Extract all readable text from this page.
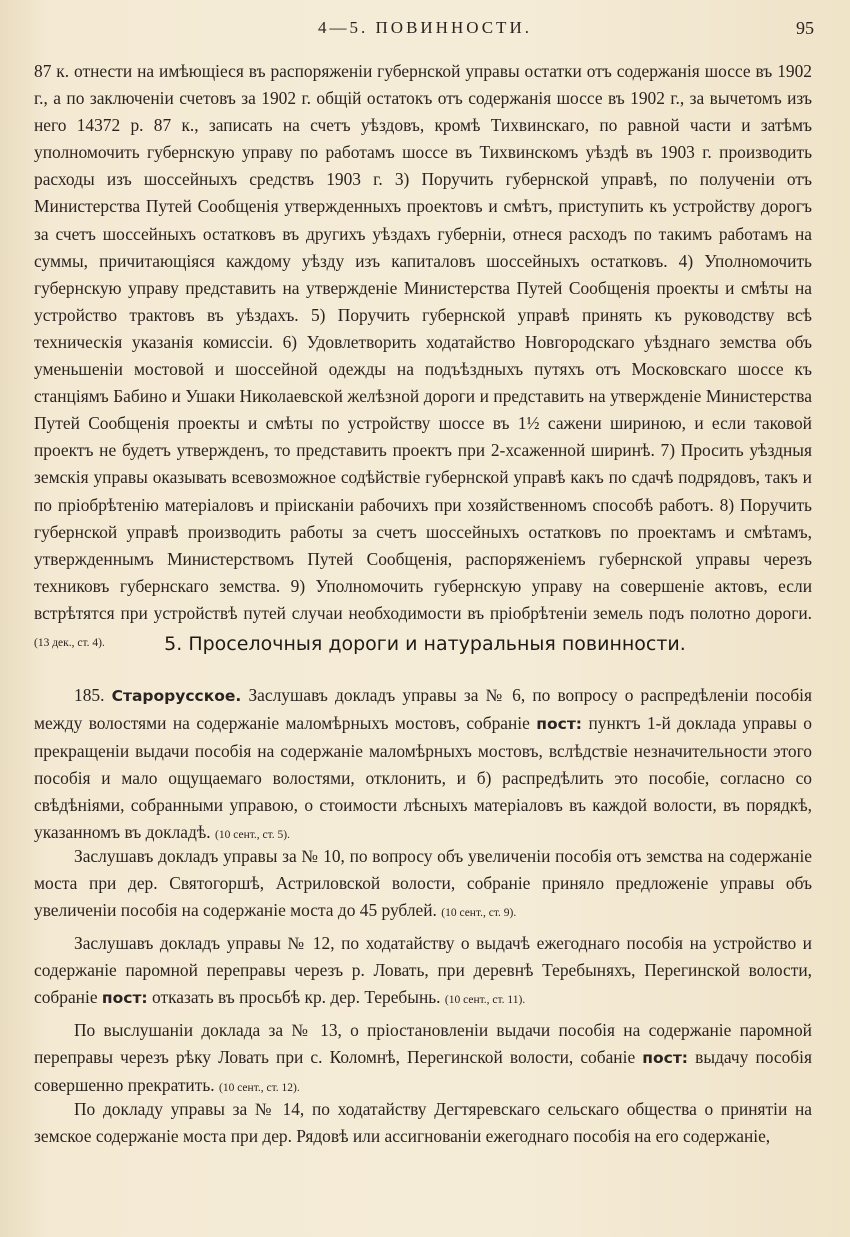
4—5. ПОВИННОСТИ.	95

87 к. отнести на имѣющіеся въ распоряженіи губернской управы остатки отъ содержанія шоссе въ 1902 г., а по заключеніи счетовъ за 1902 г. общій остатокъ отъ содержанія шоссе въ 1902 г., за вычетомъ изъ него 14372 р. 87 к., записать на счетъ уѣздовъ, кромѣ Тихвинскаго, по равной части и затѣмъ уполномочить губернскую управу по работамъ шоссе въ Тихвинскомъ уѣздѣ въ 1903 г. производить расходы изъ шоссейныхъ средствъ 1903 г. 3) Поручить губернской управѣ, по полученіи отъ Министерства Путей Сообщенія утвержденныхъ проектовъ и смѣтъ, приступить къ устройству дорогъ за счетъ шоссейныхъ остатковъ въ другихъ уѣздахъ губерніи, отнеся расходъ по такимъ работамъ на суммы, причитающіяся каждому уѣзду изъ капиталовъ шоссейныхъ остатковъ. 4) Уполномочить губернскую управу представить на утвержденіе Министерства Путей Сообщенія проекты и смѣты на устройство трактовъ въ уѣздахъ. 5) Поручить губернской управѣ принять къ руководству всѣ техническія указанія комиссіи. 6) Удовлетворить ходатайство Новгородскаго уѣзднаго земства объ уменьшеніи мостовой и шоссейной одежды на подъѣздныхъ путяхъ отъ Московскаго шоссе къ станціямъ Бабино и Ушаки Николаевской желѣзной дороги и представить на утвержденіе Министерства Путей Сообщенія проекты и смѣты по устройству шоссе въ 1½ сажени шириною, и если таковой проектъ не будетъ утвержденъ, то представить проектъ при 2-хсаженной ширинѣ. 7) Просить уѣздныя земскія управы оказывать всевозможное содѣйствіе губернской управѣ какъ по сдачѣ подрядовъ, такъ и по пріобрѣтенію матеріаловъ и пріисканіи рабочихъ при хозяйственномъ способѣ работъ. 8) Поручить губернской управѣ производить работы за счетъ шоссейныхъ остатковъ по проектамъ и смѣтамъ, утвержденнымъ Министерствомъ Путей Сообщенія, распоряженіемъ губернской управы черезъ техниковъ губернскаго земства. 9) Уполномочить губернскую управу на совершеніе актовъ, если встрѣтятся при устройствѣ путей случаи необходимости въ пріобрѣтеніи земель подъ полотно дороги. (13 дек., ст. 4).	5. Проселочныя дороги и натуральныя повинности.

185. Старорусское. Заслушавъ докладъ управы за № 6, по вопросу о распредѣленіи пособія между волостями на содержаніе маломѣрныхъ мостовъ, собраніе пост: пунктъ 1-й доклада управы о прекращеніи выдачи пособія на содержаніе маломѣрныхъ мостовъ, вслѣдствіе незначительности этого пособія и мало ощущаемаго волостями, отклонить, и б) распредѣлить это пособіе, согласно со свѣдѣніями, собранными управою, о стоимости лѣсныхъ матеріаловъ въ каждой волости, въ порядкѣ, указанномъ въ докладѣ. (10 сент., ст. 5).

Заслушавъ докладъ управы за № 10, по вопросу объ увеличеніи пособія отъ земства на содержаніе моста при дер. Святогоршѣ, Астриловской волости, собраніе приняло предложеніе управы объ увеличеніи пособія на содержаніе моста до 45 рублей. (10 сент., ст. 9).

Заслушавъ докладъ управы № 12, по ходатайству о выдачѣ ежегоднаго пособія на устройство и содержаніе паромной переправы черезъ р. Ловать, при деревнѣ Теребыняхъ, Перегинской волости, собраніе пост: отказать въ просьбѣ кр. дер. Теребынь. (10 сент., ст. 11).

По выслушаніи доклада за № 13, о пріостановленіи выдачи пособія на содержаніе паромной переправы черезъ рѣку Ловать при с. Коломнѣ, Перегинской волости, собаніе пост: выдачу пособія совершенно прекратить. (10 сент., ст. 12).

По докладу управы за № 14, по ходатайству Дегтяревскаго сельскаго общества о принятіи на земское содержаніе моста при дер. Рядовѣ или ассигнованіи ежегоднаго пособія на его содержаніе,
